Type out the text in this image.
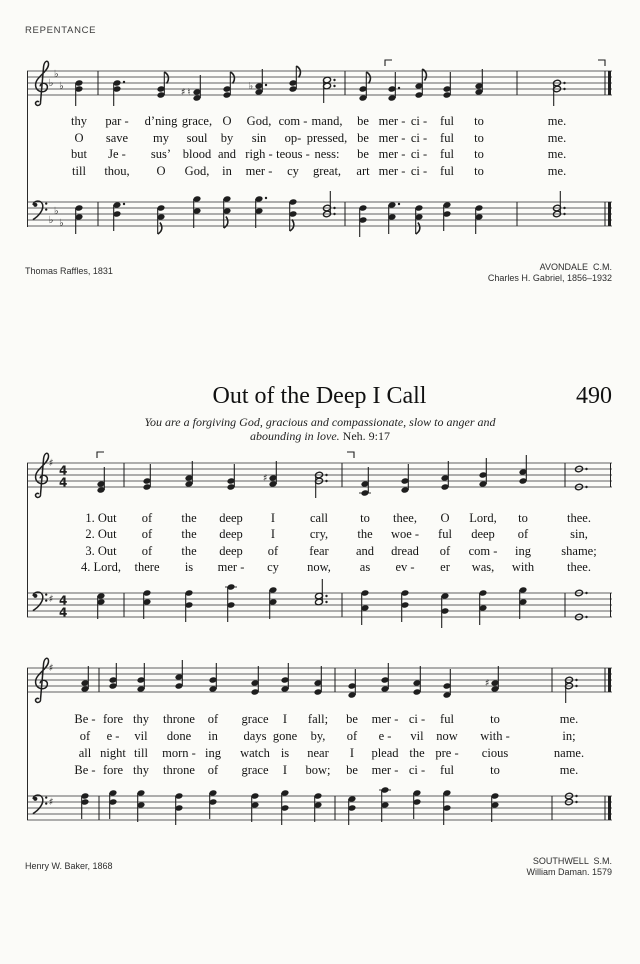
REPENTANCE
♭
♭
♭
♯ ♮
♭
thy par - d’ning grace, O God, com - mand, be mer - ci - ful to	me.
O save my soul by sin op- pressed, be mer - ci - ful to	me.
but Je - sus’ blood and righ - teous - ness: be mer - ci - ful to	me.
till thou, O God, in mer - cy great, art mer - ci - ful to	me.
♭
♭
♭
Thomas Raffles, 1831	AVONDALE  C.M.
Charles H. Gabriel, 1856–1932
Out of the Deep I Call	490
You are a forgiving God, gracious and compassionate, slow to anger and
abounding in love. Neh. 9:17
♯ 4
4	♯
1. Out of the deep I	call	to thee, O Lord, to	thee.
2. Out of the deep I	cry, the woe - ful deep of	sin,
3. Out of the deep of fear and dread of com - ing shame;
4. Lord, there is mer - cy now, as ev - er was, with	thee.
♯ 4
4
♯
♯
Be - fore thy throne of grace I fall; be mer - ci - ful	to	me.
of e - vil done in days gone by, of e - vil now with -	in;
all night till morn - ing watch is near I plead the pre - cious	name.
Be - fore thy throne of grace I bow; be mer - ci - ful	to	me.
♯
Henry W. Baker, 1868	SOUTHWELL  S.M.
William Daman. 1579
